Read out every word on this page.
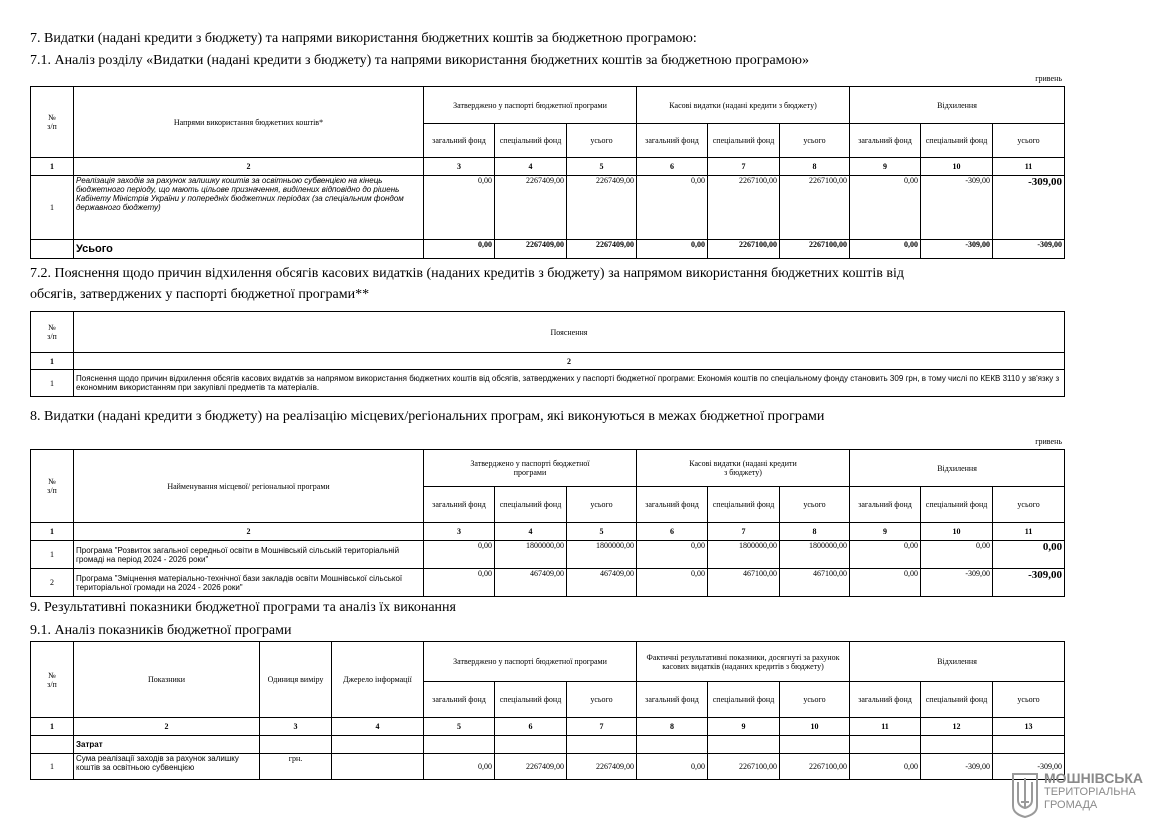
7. Видатки (надані кредити з бюджету) та напрями використання бюджетних коштів за бюджетною програмою:
7.1. Аналіз розділу «Видатки (надані кредити з бюджету) та напрями використання бюджетних коштів за бюджетною програмою»
гривень
№
з/п	Напрями використання бюджетних коштів*	Затверджено у паспорті бюджетної програми			Касові видатки (надані кредити з бюджету)			Відхилення		
		загальний фонд	спеціальний фонд	усього	загальний фонд	спеціальний фонд	усього	загальний фонд	спеціальний фонд	усього
1	2	3	4	5	6	7	8	9	10	11
1	Реалізація заходів за рахунок залишку коштів за освітньою субвенцією на кінець бюджетного періоду, що мають цільове призначення, виділених відповідно до рішень Кабінету Міністрів України у попередніх бюджетних періодах (за спеціальним фондом державного бюджету)	0,00	2267409,00	2267409,00	0,00	2267100,00	2267100,00	0,00	-309,00	-309,00
	Усього	0,00	2267409,00	2267409,00	0,00	2267100,00	2267100,00	0,00	-309,00	-309,00
7.2. Пояснення щодо причин відхилення обсягів касових видатків (наданих кредитів з бюджету) за напрямом використання бюджетних коштів від
обсягів, затверджених у паспорті бюджетної програми**
№
з/п	Пояснення
1	2
1	Пояснення щодо причин відхилення обсягів касових видатків за напрямом використання бюджетних коштів від обсягів, затверджених у паспорті бюджетної програми: Економія коштів по спеціальному фонду становить 309 грн, в тому числі по КЕКВ 3110 у зв'язку з економним використанням при закупівлі предметів та матеріалів.
8. Видатки (надані кредити з бюджету) на реалізацію місцевих/регіональних програм, які виконуються в межах бюджетної програми
гривень
№
з/п	Найменування місцевої/ регіональної програми	Затверджено у паспорті бюджетної програми			Касові видатки (надані кредити з бюджету)			Відхилення		
		загальний фонд	спеціальний фонд	усього	загальний фонд	спеціальний фонд	усього	загальний фонд	спеціальний фонд	усього
1	2	3	4	5	6	7	8	9	10	11
1	Програма "Розвиток загальної середньої освіти в Мошнівській сільській територіальній громаді на період 2024 - 2026 роки"	0,00	1800000,00	1800000,00	0,00	1800000,00	1800000,00	0,00	0,00	0,00
2	Програма "Зміцнення матеріально-технічної бази закладів освіти Мошнівської сільської територіальної громади на 2024 - 2026 роки"	0,00	467409,00	467409,00	0,00	467100,00	467100,00	0,00	-309,00	-309,00
9. Результативні показники бюджетної програми та аналіз їх виконання
9.1. Аналіз показників бюджетної програми
№
з/п	Показники	Одиниця виміру	Джерело інформації	Затверджено у паспорті бюджетної програми			Фактичні результативні показники, досягнуті за рахунок касових видатків (наданих кредитів з бюджету)			Відхилення		
				загальний фонд	спеціальний фонд	усього	загальний фонд	спеціальний фонд	усього	загальний фонд	спеціальний фонд	усього
1	2	3	4	5	6	7	8	9	10	11	12	13
	Затрат											
1	Сума реалізації заходів за рахунок залишку коштів за освітньою субвенцією	грн.		0,00	2267409,00	2267409,00	0,00	2267100,00	2267100,00	0,00	-309,00	-309,00
МОШНІВСЬКА
ТЕРИТОРІАЛЬНА
ГРОМАДА
